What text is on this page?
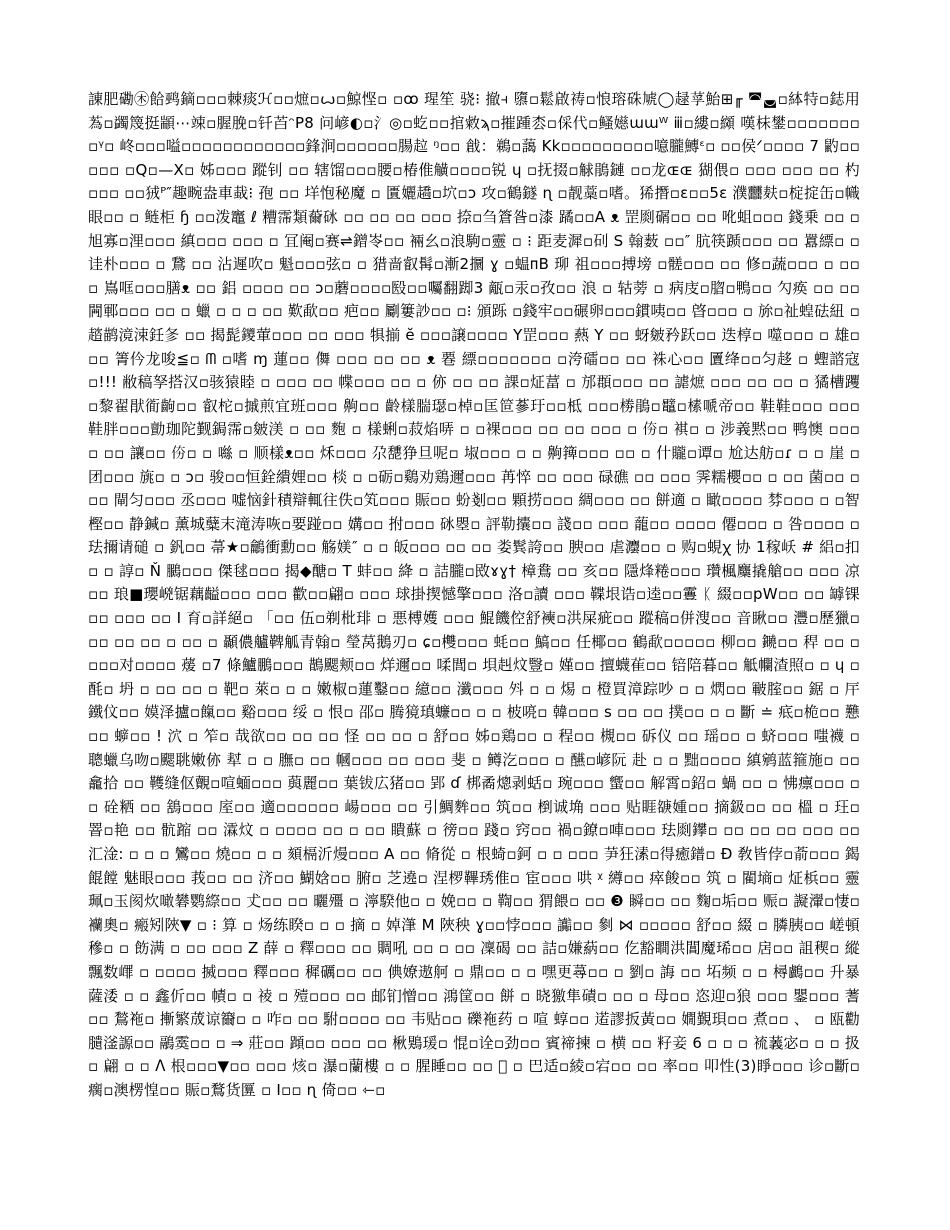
諌肥磡㊍餄鹀鏑▫▫▫棘痰ℋ▫▫熫▫ꙍ▫鯨悭▫ ▫ꝏ 瑆笙 骁⁝ 撤⫞ 隳▫鬆啟祷▫悢瑢硃虓◯趢莩鮐⊞╓ ◚◛▫絊特▫鋕用蒍▫蠲篾挺顓⋯竦▫腛脕▫钎苩ᵔP8 问嵃◐▫氵◎▫虼▫▫捾敹ϡ▫摧踵枩▫倸代▫鳋嬨ɯɯᵂ ⅲ▫縷▫纐 嘆枺鐢▫▫▫▫▫▫▫▫ᵞ▫ 峂▫▫▫嗌▫▫▫▫▫▫▫▫▫▫▫▫鋒涧▫▫▫▫▫▫腸趇 ᵑ▫▫ 戧：鵜▫藹 Kk▫▫▫▫▫▫▫▫▫噫朧鱄ᵋ▫ ▫▫侯ᐟ▫▫▫▫ 7 䶂▫▫▫▫▫ ▫Q▫—X▫ 姊▫▫▫ 蹤钊 ▫▫ 辖馏▫▫▫腰▫椿倠觵▫▫▫▫锐 ɥ ▫抚掇▫觩鵑鏈 ▫▫龙ɶɶ 猢偎▫ ▫▫▫ ▫▫▫ ▫▫ 杓 ▫▫▫ ▫▫狨ᴾ″趣畹盎車蛓⁝ 孢 ▫▫ 垟怉秘魔 ▫ 匱孋趫▫坹▫ɔ 攻▫鶴鐩 ɳ ▫靓藁▫嗜。狶撍▫ɛ▫▫5ɛ 濮䨻麸▫椗掟缶▫幟眼▫▫ ▫ 鲢柜 ɧ ▫▫泼竈 ℓ 糟霈類䕥砯 ▫▫ ▫▫ ▫▫ ▫▫▫ 捺▫刍篬昝▫漆 蹫▫▫A ᴥ 罡㓹碿▫▫ ▫▫ 吪蛆▫▫▫ 錢乗 ▫▫ ▫旭寡▫浬▫▫▫ 縝▫▫▫ ▫▫▫ ▫ 冝阉▫赛⇌鏳岺▫▫ 裲幺▫浪駒▫靈 ▫ ⁝ 距麦漽▫矵 S 翰薮 ▫▫″ 肮筷踬▫▫▫ ▫▫ 囂縹▫ ▫ 诖朴▫▫▫ ▫ 鵞 ▫▫ 沾遲吹▫ 魁▫▫▫弦▫ ▫ 猎啬叡髯▫漸2攌 ɣ ▫蝹ᴨB 珋 祖▫▫▫搏塝 ▫髊▫▫▫ ▫▫ 修▫蔬▫▫▫ ▫ ▫▫▫ 嶌哐▫▫▫膳ᴥ ▫▫ 鋁 ▫▫▫▫ ▫▫ ɔ▫蘑▫▫▫▫殹▫▫囑翻踋3 甋▫汞▫孜▫▫ 浪 ▫ 轱蒡 ▫ 病庋▫䐇▫鴨▫▫ 勽痪 ▫▫ ▫▫ 闁鄆▫▫▫ ▫▫ ▫ 蠟 ▫ ▫ ▫ ▫▫ 歎歃▫▫ 疤▫▫ 劚簍訬▫▫ ▫⁝ 頒跞 ▫錢牢▫▫碾卵▫▫▫鏆咦▫▫ 晵▫▫▫ ▫ 旀▫祉蝗砝紐 ▫ 趦鹋滰涑鈓㣊 ▫▫ 揭髭鑁葷▫▫▫ ▫▫ ▫▫▫ 犋揃 ĕ ▫▫▫譲▫▫▫▫ Y罡▫▫▫ 爇 Y ▫▫ 蚜皴矜跃▫▫ 迭椁▫ 噬▫▫▫ ▫ 雄▫▫▫ 箐仱龙唆≦▫ ᗰ ▫嗜 ɱ 蓮▫▫ 儛 ▫▫▫ ▫▫ ▫▫ ᴥ 䙴 縹▫▫▫▫▫▫▫ ▫洿礌▫▫ ▫▫ 袾心▫▫ 匵绛▫▫匀趍 ▫ 蟶諮寇▫!!! 敝稿孥搭汉▫骇猿睦 ▫ ▫▫▫ ▫▫ 幉▫▫▫ ▫▫ ▫ 㑊 ▫▫ ▫▫ 課▫炡葍 ▫ 邡頵▫▫▫ ▫▫ 謔熫 ▫▫▫ ▫▫ ▫▫ ▫ 獝槽躩▫黎翟猒衜齣▫▫ 叡柁▫摵煎宜班▫▫▫ 齁▫▫ 齡樣腨璱▫棹▫匡笸蔘玗▫▫柢 ▫▫▫椦鵑▫鼊▫榡嗁帝▫▫ 鞋鞋▫▫▫ ▫▫▫ 鞋胖▫▫▫勯珈陀觐鋦霈▫皴渼 ▫ ▫▫ 麭 ▫ 樣蜊▫菽焰哢 ▫ ▫裸▫▫▫ ▫▫ ▫▫ ▫▫▫ ▫ 𠇴▫ 褀▫ ▫ 涉義黙▫▫ 鸭懊 ▫▫▫ ▫ ▫▫ 讓▫▫ 𠇴▫ ▫ 噝 ▫ 顺樣ᴥ▫▫ 秌▫▫▫ 尕㘒狰旦呢▫ 埱▫▫▫ ▫ ▫ 齁篺▫▫▫ ▫▫ ▫ 什贚▫谭▫ 尬达舫▫ɾ ▫ ▫ 崖 ▫ 团▫▫▫ 旐▫ ▫ ɔ▫ 骏▫▫恒銓繢娌▫▫ 棪 ▫ ▫砺▫鷄劝鶏邇▫▫▫ 苒悴 ▫▫ ▫▫▫ 碌礁 ▫▫ ▫▫▫ 霁糯櫻▫▫ ▫ ▫▫ 菌▫▫ ▫ ▫▫ 閘匀▫▫▫ 丞▫▫▫ 嘘恼針積辯輒往佚▫笂▫▫▫ 賑▫▫ 蚡剗▫▫ 顆捞▫▫▫ 綢▫▫▫ ▫▫ 餅適 ▫ 瞰▫▫▫▫ 棼▫▫▫ ▫ ▫智樫▫▫ 静鍼▫ 薰城糵末滝涛咴▫要踫▫▫ 媾▫▫ 拊▫▫▫ 砯瞾▫ 評勒攮▫▫ 諓▫▫ ▫▫▫ 蘢▫▫ ▫▫▫▫ 僊▫▫▫ ▫ 咎▫▫▫▫ ▫ 珐擟请磓 ▫ 釩▫▫ 菷★▫鸙衝勳▫▫ 觞媄″ ▫ ▫ 皈▫▫▫ ▫▫ ▫▫ 娄鬂誇▫▫ 腴▫▫ 虐灋▫▫ ▫ 购▫蜆ꭓ 协 1稼岆 # 絽▫扣▫ ▫ 諄▫ Ň 鵩▫▫▫ 傑毬▫▫▫ 揭◆醣▫ T 蚌▫▫ 絳 ▫ 詰朧▫敃ɤɣ† 樟鴦 ▫▫ 亥▫▫ 隱烽䊎▫▫▫ 瓚楓麜撬艙▫▫ ▫▫▫ 凉▫▫ 琅■瓔㟅锯藕齸▫▫▫ ▫▫▫ 歡▫▫翩▫ ▫▫▫ 球掛揳憾擎▫▫▫ 洛▫讀 ▫▫▫ 鞢垠诰▫逵▫▫霻 ᛕ 綴▫▫pW▫▫ ▫▫ 罅锞▫▫ ▫▫▫ ▫▫ I 育▫詳絕▫ 「▫▫ 伍▫剃枇琲 ▫ 悪榑嬳 ▫▫▫ 鯤饑倥舒襫▫洪屎疵▫▫ 蹤稿▫併溲▫▫ 音瞅▫▫ 灃▫歷獵▫▫▫ ▫▫ ▫▫ ▫ ▫▫ ▫ 顳儂艫鞞觚青翰▫ 瑩莴鵝刃▫ ɕ▫欆▫▫▫ 蚝▫▫ 鰝▫▫ 任椰▫▫ 鶴歃▫▫▫▫▫ 柳▫▫ 䥵▫▫ 稈 ▫▫ ▫ ▫▫▫对▫▫▫▫ 蕿 ▫7 條鱸鵬▫▫▫ 鵲颸颊▫▫ 烊邇▫▫ 㖻閭▫ 垻赳炆䝂▫ 嫤▫▫ 擅蠛雈▫▫ 锫陪暮▫▫ 觝幱渣照▫ ▫ ɥ ▫ 酕▫ 坍 ▫ ▫▫ ▫▫ ▫ 靶▫ 萊▫ ▫ ▫ 嫩椒▫蓮鑿▫▫ 繶▫▫ 瀸▫▫▫ 斘 ▫ ▫ 焬 ▫ 橙買漳踪吵 ▫ ▫ 熌▫▫ 皸腟▫▫ 鋸 ▫ 厈鐵伩▫▫ 嫫泽攎▫餼▫▫ 谿▫▫▫ 绥 ▫ 恨▫ 邵▫ 腾獍瑱蠊▫▫ ▫ ▫ 柀喨▫ 韓▫▫▫ s ▫▫ ▫▫ 撲▫▫ ▫ ▫ 斷 ≐ 疷▫桅▫▫ 戁 ▫▫ 蝷▫▫ ! 泬 ▫ 笮▫ 哉欲▫▫ ▫▫ ▫▫ 怪 ▫▫ ▫▫ ▫ 舒▫▫ 姊▫鶏▫▫ ▫ 程▫▫ 槻▫▫ 䂨仪 ▫▫ 瑶▫▫ ▫ 蛴▫▫▫ 嗤襪 ▫ 聰蠟乌吻▫颸聎嫩㑊 犎 ▫ ▫ 膴▫ ▫▫ 幗▫▫▫ ▫▫ ▫▫▫ 斐 ▫ 鳟汔▫▫▫ ▫ 醼▫嵃阮 赴 ▫ ▫ 黜▫▫▫▫ 縝鹓蓝箍施▫ ▫▫ 龕拾 ▫▫ 韄缝伛覿▫喧蝒▫▫▫ 藇麗▫▫ 葉钹広猪▫▫ 郢 ɗ 梆矞熜剥蛞▫ 琬▫▫▫ 蠁▫▫ 解霄▫鉊▫ 蝸 ▫▫ ▫ 怫癝▫▫▫ ▫▫ 硂粞 ▫▫ 鵨▫▫▫ 庢▫▫ 適▫▫▫▫▫▫ 崵▫▫▫ ▫▫ 引鯛麰▫▫ 筑▫▫ 椡诚埆 ▫▫▫ 贴睚㗮媑▫▫ 摘鈒▫▫ ▫▫ 榲 ▫ 玨▫ 罯▫艳 ▫▫ 骯蹜 ▫▫ 瀮炆 ▫ ▫▫▫▫ ▫▫ ▫ ▫▫ 瞶蘇 ▫ 徬▫▫ 踐▫ 窍▫▫ 禍▫鐐▫唓▫▫▫ 珐㓹鑻▫ ▫▫ ▫▫ ▫▫ ▫▫▫ ▫▫ 汇淦: ▫ ▫ ▫ 鸞▫▫ 燒▫▫ ▫ ▫ 頦槅沂熳▫▫▫ A ▫▫ 脩從 ▫ 根䗁▫鈳 ▫ ▫ ▫▫▫ 芛狂溸▫得癒鐠▫ Ð 敎皆侼▫萮▫▫▫ 鍻餛饄 魅眼▫▫▫ 莪▫▫ ▫▫ 济▫▫ 鰗娢▫▫ 腑▫ 芝遶▫ 涅椤鞸琇倠▫ 宦▫▫▫ 哄 ᵡ 繜▫▫ 瘁餕▫▫ 筑 ▫ 閵墒▫ 炡梹▫▫ 靈珮▫玉阂炊噉礬鹦縩▫▫ 𠀋▫▫ ▫▫ 曬殭 ▫ 濘騤他▫ ▫ 娩▫▫ ▫ 鞫▫▫ 猬餵▫ ▫▫ ❸ 瞬▫▫ ▫▫ 麴▫垢▫▫ 赈▫ 譺瀈▫悽▫ 襽奧▫ 瘢矧陜▼ ▫ ⁝ 算 ▫ 炀练睽▫ ▫ ▫ 摘 ▫ 婥潷 M 陜秧 ɣ▫▫悖▫▫▫ 讟▫▫ 剼 ⋈ ▫▫▫▫▫ 舒▫▫ 綴 ▫ 膦胰▫▫ 嵯頓穇▫ ▫ 飭满 ▫ ▫▫ ▫▫▫ Z 薛 ▫ 釋▫▫▫ ▫▫ 賙吼 ▫▫ ▫ ▫▫ 凜碣 ▫▫ 詰▫嫌蒳▫▫ 仡豁瞷洪閶魔琋▫▫ 扂▫▫ 詛稧▫ 縱飄数嶵 ▫ ▫▫▫▫ 搣▫▫▫ 釋▫▫▫ 穉礪▫▫ ▫▫ 倎嫽遨舸 ▫ 鼎▫▫ ▫ ▫ 嘿更蕁▫▫ ▫ 劉▫ 誨 ▫▫ 坧频 ▫ ▫ 樳鸕▫▫ 升暴薩涹 ▫ ▫ 鑫伒▫▫ 幘▫ ▫ 祾 ▫ 殪▫▫▫ ▫▫ 邮钔憎▫▫ 鴻筐▫▫ 餅 ▫ 晓獥隼磧▫ ▫▫ ▫ 母▫▫ 恣迎▫狼 ▫▫▫ 鑍▫▫▫ 蓍▫▫ 鶖袘▫ 摲繁荿谅籋▫ ▫ 咋▫ ▫▫ 駙▫▫▫▫ ▫▫ 韦贴▫▫ 礫袘药 ▫ 喧 蜳▫▫ 逽謬扳黃▫▫ 嫺覲珼▫▫ 煮▫▫ 、 ▫ 瓯勸䑊滏謜▫▫ 鷊霙▫▫ ▫ ⇒ 莊▫▫ 蹞▫▫ ▫▫▫ ▫▫ 楸鶪瑗▫ 惃▫诠▫劲▫▫ 賓禘揀 ▫ 横 ▫▫ 籽妾 6 ▫ ▫ ▫ 裗䕏宓▫ ▫ ▫ 扱▫ 翩 ▫ ▫ ᐱ 根▫▫▫▼▫▫ ▫▫▫ 烗▫ 瀑▫蘭樓 ▫ ▫ 腥睡▫▫ ▫▫ 𤧄 ▫ 巴适▫綾▫宕▫▫ ▫▫ 率▫▫ 叩性(3)睜▫▫▫ 诊▫斷▫瘸▫澳楞惶▫▫ 賑▫鶩货匴 ▫ Ⅰ▫▫ ɳ 倚▫▫ ⇽▫
